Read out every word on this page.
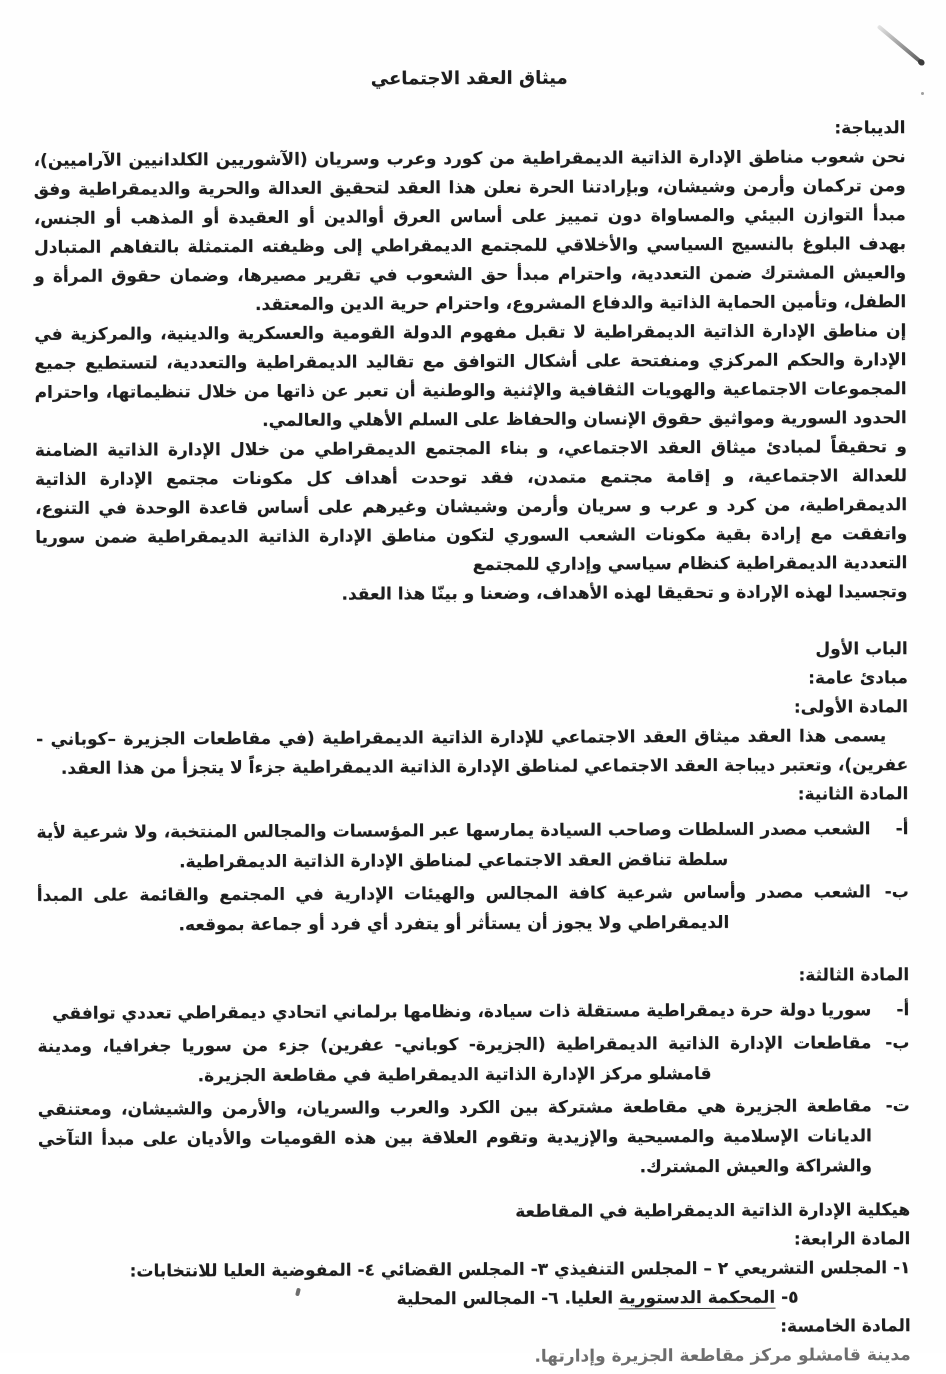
ميثاق العقد الاجتماعي
الديباجة:

نحن شعوب مناطق الإدارة الذاتية الديمقراطية من كورد وعرب وسريان (الآشوريين الكلدانيين الآراميين)، ومن تركمان وأرمن وشيشان، وبإرادتنا الحرة نعلن هذا العقد لتحقيق العدالة والحرية والديمقراطية وفق مبدأ التوازن البيئي والمساواة دون تمييز على أساس العرق أوالدين أو العقيدة أو المذهب أو الجنس، بهدف البلوغ بالنسيج السياسي والأخلاقي للمجتمع الديمقراطي إلى وظيفته المتمثلة بالتفاهم المتبادل والعيش المشترك ضمن التعددية، واحترام مبدأ حق الشعوب في تقرير مصيرها، وضمان حقوق المرأة و الطفل، وتأمين الحماية الذاتية والدفاع المشروع، واحترام حرية الدين والمعتقد.

إن مناطق الإدارة الذاتية الديمقراطية لا تقبل مفهوم الدولة القومية والعسكرية والدينية، والمركزية في الإدارة والحكم المركزي ومنفتحة على أشكال التوافق مع تقاليد الديمقراطية والتعددية، لتستطيع جميع المجموعات الاجتماعية والهويات الثقافية والإثنية والوطنية أن تعبر عن ذاتها من خلال تنظيماتها، واحترام الحدود السورية ومواثيق حقوق الإنسان والحفاظ على السلم الأهلي والعالمي.

و تحقيقاً لمبادئ ميثاق العقد الاجتماعي، و بناء المجتمع الديمقراطي من خلال الإدارة الذاتية الضامنة للعدالة الاجتماعية، و إقامة مجتمع متمدن، فقد توحدت أهداف كل مكونات مجتمع الإدارة الذاتية الديمقراطية، من كرد و عرب و سريان وأرمن وشيشان وغيرهم على أساس قاعدة الوحدة في التنوع، واتفقت مع إرادة بقية مكونات الشعب السوري لتكون مناطق الإدارة الذاتية الديمقراطية ضمن سوريا التعددية الديمقراطية كنظام سياسي وإداري للمجتمع

وتجسيدا لهذه الإرادة و تحقيقا لهذه الأهداف، وضعنا و بينّا هذا العقد.

الباب الأول
مبادئ عامة:
المادة الأولى:

يسمى هذا العقد ميثاق العقد الاجتماعي للإدارة الذاتية الديمقراطية (في مقاطعات الجزيرة –كوباني - عفرين)، وتعتبر ديباجة العقد الاجتماعي لمناطق الإدارة الذاتية الديمقراطية جزءاً لا يتجزأ من هذا العقد.

المادة الثانية:
أ-
الشعب مصدر السلطات وصاحب السيادة يمارسها عبر المؤسسات والمجالس المنتخبة، ولا شرعية لأية سلطة تناقض العقد الاجتماعي لمناطق الإدارة الذاتية الديمقراطية.
ب-
الشعب مصدر وأساس شرعية كافة المجالس والهيئات الإدارية في المجتمع والقائمة على المبدأ الديمقراطي ولا يجوز أن يستأثر أو يتفرد أي فرد أو جماعة بموقعه.
المادة الثالثة:
أ-
سوريا دولة حرة ديمقراطية مستقلة ذات سيادة، ونظامها برلماني اتحادي ديمقراطي تعددي توافقي
ب-
مقاطعات الإدارة الذاتية الديمقراطية (الجزيرة- كوباني- عفرين) جزء من سوريا جغرافيا، ومدينة قامشلو مركز الإدارة الذاتية الديمقراطية في مقاطعة الجزيرة.
ت-
مقاطعة الجزيرة هي مقاطعة مشتركة بين الكرد والعرب والسريان، والأرمن والشيشان، ومعتنقي الديانات الإسلامية والمسيحية والإزيدية وتقوم العلاقة بين هذه القوميات والأديان على مبدأ التآخي والشراكة والعيش المشترك.
هيكلية الإدارة الذاتية الديمقراطية في المقاطعة
المادة الرابعة:
١- المجلس التشريعي ٢ – المجلس التنفيذي ٣- المجلس القضائي ٤- المفوضية العليا للانتخابات:
٥- المحكمة الدستورية العليا. ٦- المجالس المحلية
المادة الخامسة:
مدينة قامشلو مركز مقاطعة الجزيرة وإدارتها.
